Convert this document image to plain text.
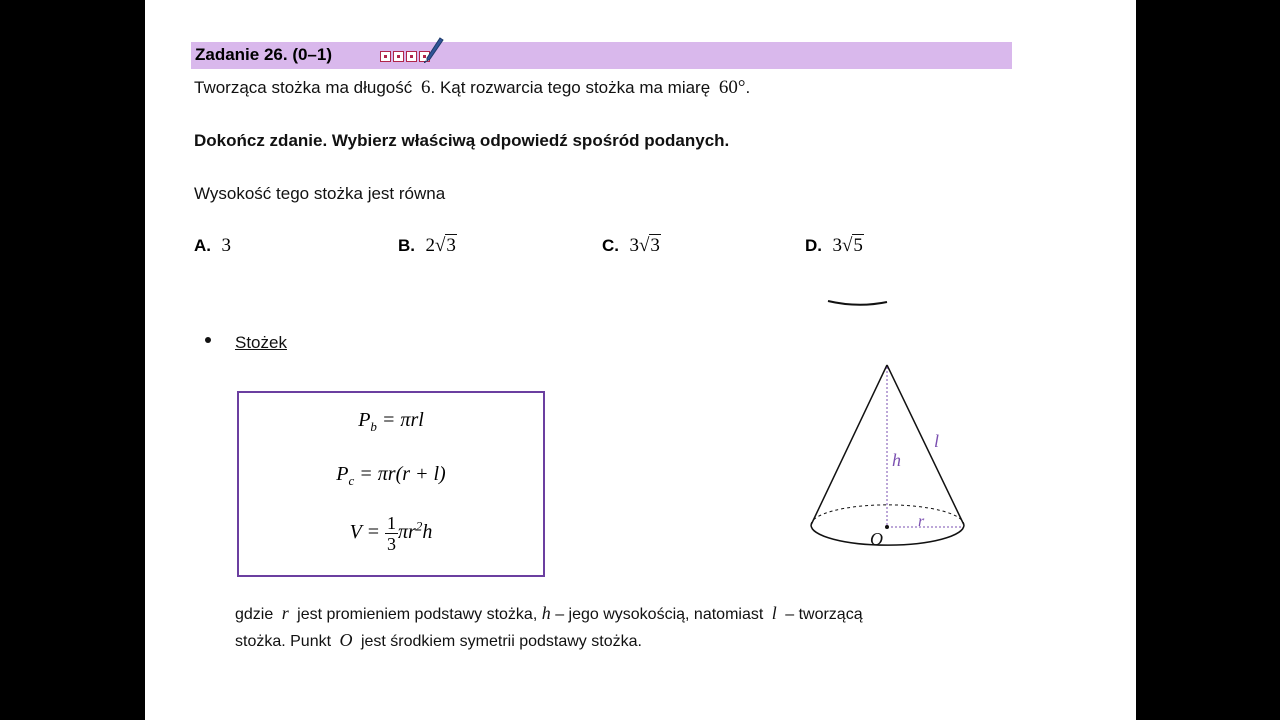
Zadanie 26. (0–1)
Tworząca stożka ma długość 6. Kąt rozwarcia tego stożka ma miarę 60°.
Dokończ zdanie. Wybierz właściwą odpowiedź spośród podanych.
Wysokość tego stożka jest równa
A. 3	B. 2√3	C. 3√3	D. 3√5
Stożek
$P_b = \pi rl$
$P_c = \pi r(r + l)$
$V = \frac{1}{3} \pi r^2h$
h
l
r
O
gdzie r jest promieniem podstawy stożka, h – jego wysokością, natomiast l – tworzącą
stożka. Punkt O jest środkiem symetrii podstawy stożka.
